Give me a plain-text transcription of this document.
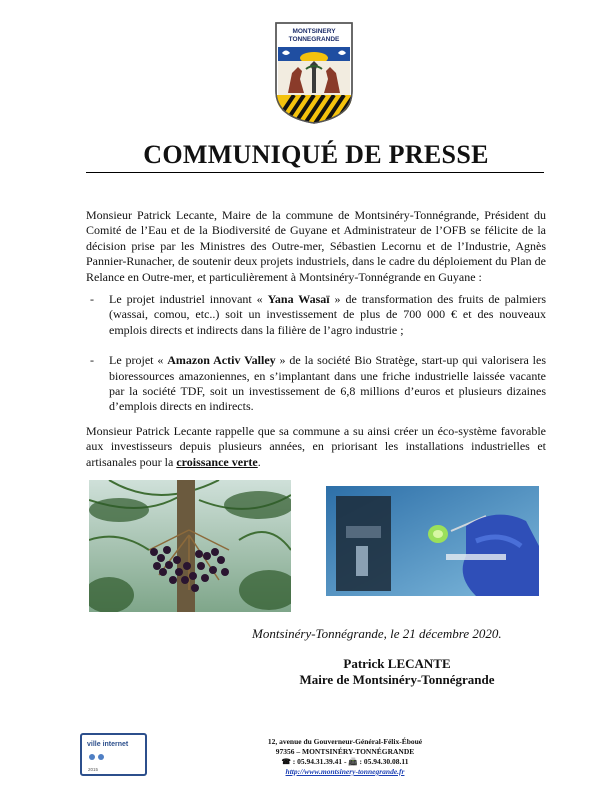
MONTSINERY
TONNEGRANDE
COMMUNIQUÉ DE PRESSE

Monsieur Patrick Lecante, Maire de la commune de Montsinéry-Tonnégrande, Président du Comité de l’Eau et de la Biodiversité de Guyane et Administrateur de l’OFB se félicite de la décision prise par les Ministres des Outre-mer, Sébastien Lecornu et de l’Industrie, Agnès Pannier-Runacher, de soutenir deux projets industriels, dans le cadre du déploiement du Plan de Relance en Outre-mer, et particulièrement à Montsinéry-Tonnégrande en Guyane :

- Le projet industriel innovant « Yana Wasaï » de transformation des fruits de palmiers (wassai, comou, etc..) soit un investissement de plus de 700 000 € et des nouveaux emplois directs et indirects dans la filière de l’agro industrie ;
- Le projet « Amazon Activ Valley » de la société Bio Stratège, start-up qui valorisera les bioressources amazoniennes, en s’implantant dans une friche industrielle laissée vacante par la société TDF, soit un investissement de 6,8 millions d’euros et plusieurs dizaines d’emplois directs en indirects.

Monsieur Patrick Lecante rappelle que sa commune a su ainsi créer un éco-système favorable aux investisseurs depuis plusieurs années, en priorisant les installations industrielles et artisanales pour la croissance verte.

Montsinéry-Tonnégrande, le 21 décembre 2020.
Patrick LECANTE
Maire de Montsinéry-Tonnégrande
ville internet
2015
12, avenue du Gouverneur-Général-Félix-Éboué
97356 – MONTSINÉRY-TONNÉGRANDE
☎ : 05.94.31.39.41 - 📠 : 05.94.30.08.11
http://www.montsinery-tonnegrande.fr
